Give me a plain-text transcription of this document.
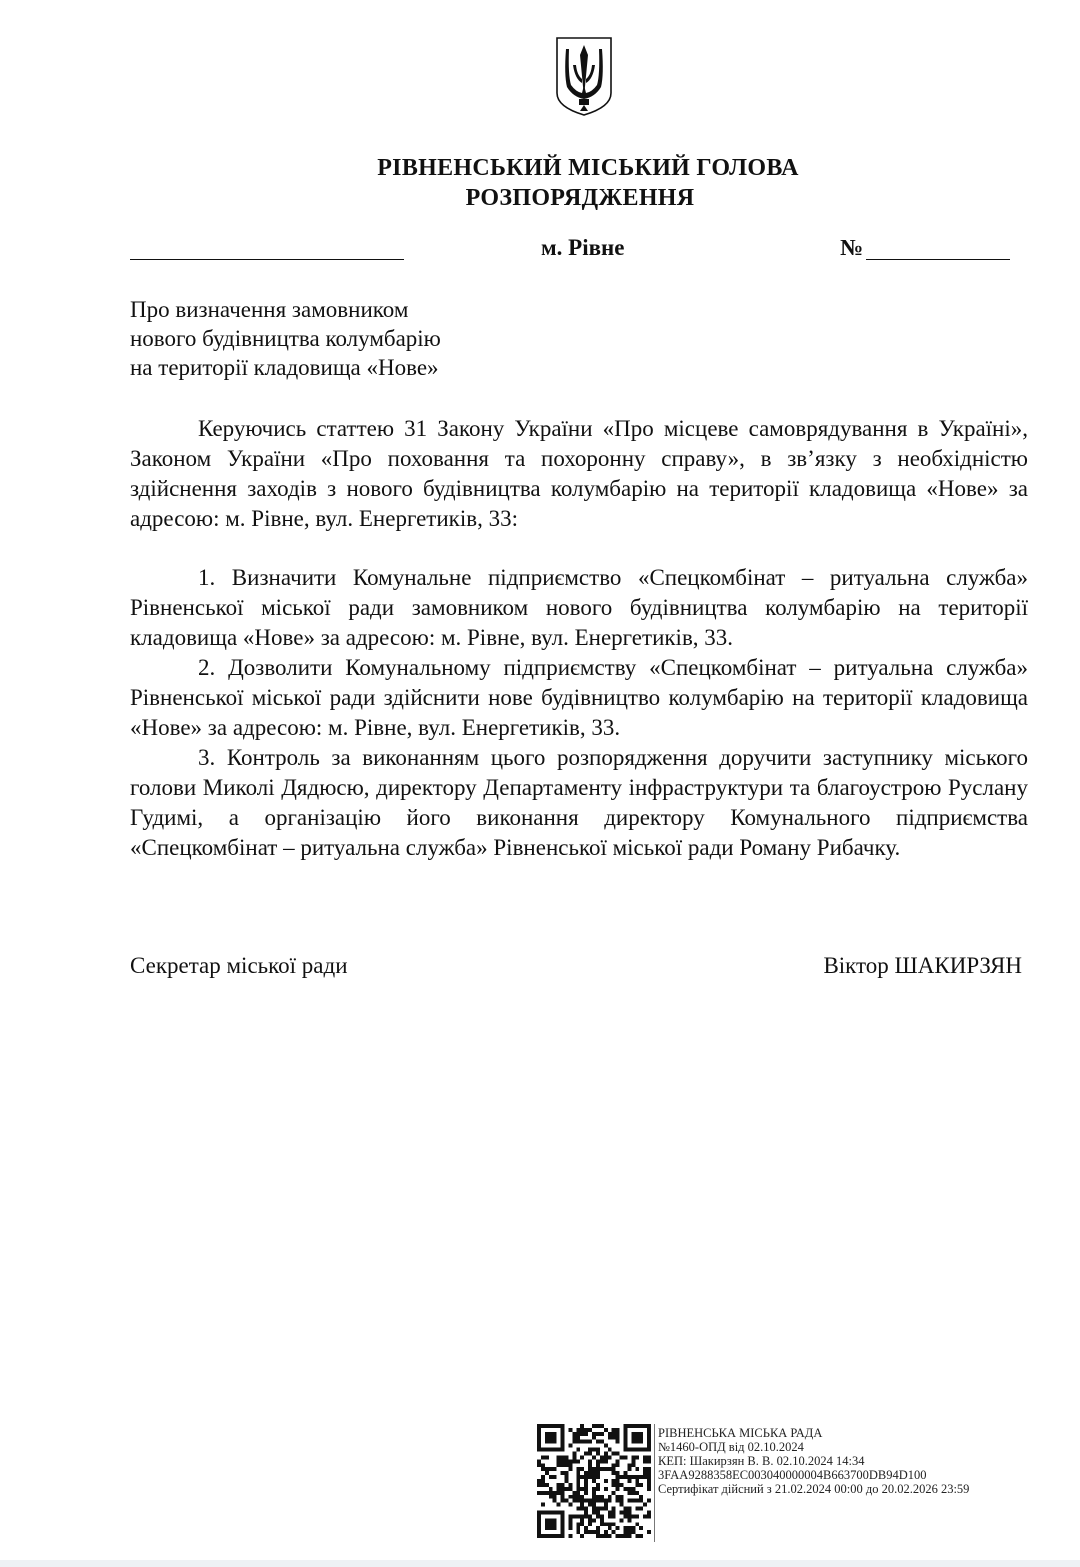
РІВНЕНСЬКИЙ МІСЬКИЙ ГОЛОВА
РОЗПОРЯДЖЕННЯ
м. Рівне	№
Про визначення замовником
нового будівництва колумбарію
на території кладовища «Нове»
Керуючись статтею 31 Закону України «Про місцеве самоврядування в Україні», Законом України «Про поховання та похоронну справу», в зв’язку з необхідністю здійснення заходів з нового будівництва колумбарію на території кладовища «Нове» за адресою: м. Рівне, вул. Енергетиків, 33:

1. Визначити Комунальне підприємство «Спецкомбінат – ритуальна служба» Рівненської міської ради замовником нового будівництва колумбарію на території кладовища «Нове» за адресою: м. Рівне, вул. Енергетиків, 33.

2. Дозволити Комунальному підприємству «Спецкомбінат – ритуальна служба» Рівненської міської ради здійснити нове будівництво колумбарію на території кладовища «Нове» за адресою: м. Рівне, вул. Енергетиків, 33.

3. Контроль за виконанням цього розпорядження доручити заступнику міського голови Миколі Дядюсю, директору Департаменту інфраструктури та благоустрою Руслану Гудимі, а організацію його виконання директору Комунального підприємства «Спецкомбінат – ритуальна служба» Рівненської міської ради Роману Рибачку.

Секретар міської ради	Віктор ШАКИРЗЯН
РІВНЕНСЬКА МІСЬКА РАДА
№1460-ОПД від 02.10.2024
КЕП: Шакирзян В. В. 02.10.2024 14:34
3FAA9288358EC003040000004B663700DB94D100
Сертифікат дійсний з 21.02.2024 00:00 до 20.02.2026 23:59
